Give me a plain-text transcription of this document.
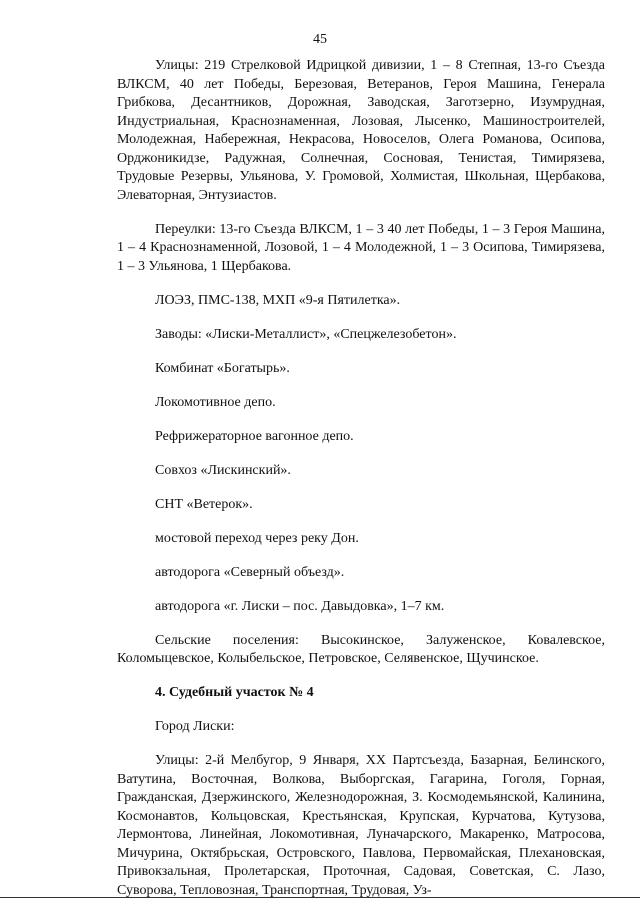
45

Улицы: 219 Стрелковой Идрицкой дивизии, 1 – 8 Степная, 13-го Съезда ВЛКСМ, 40 лет Победы, Березовая, Ветеранов, Героя Машина, Генерала Грибкова, Десантников, Дорожная, Заводская, Заготзерно, Изумрудная, Индустриальная, Краснознаменная, Лозовая, Лысенко, Машиностроителей, Молодежная, Набережная, Некрасова, Новоселов, Олега Романова, Осипова, Орджоникидзе, Радужная, Солнечная, Сосновая, Тенистая, Тимирязева, Трудовые Резервы, Ульянова, У. Громовой, Холмистая, Школьная, Щербакова, Элеваторная, Энтузиастов.

Переулки: 13-го Съезда ВЛКСМ, 1 – 3 40 лет Победы, 1 – 3 Героя Машина, 1 – 4 Краснознаменной, Лозовой, 1 – 4 Молодежной, 1 – 3 Осипова, Тимирязева, 1 – 3 Ульянова, 1 Щербакова.

ЛОЭЗ, ПМС-138, МХП «9-я Пятилетка».

Заводы: «Лиски-Металлист», «Спецжелезобетон».

Комбинат «Богатырь».

Локомотивное депо.

Рефрижераторное вагонное депо.

Совхоз «Лискинский».

СНТ «Ветерок».

мостовой переход через реку Дон.

автодорога «Северный объезд».

автодорога «г. Лиски – пос. Давыдовка», 1–7 км.

Сельские поселения: Высокинское, Залуженское, Ковалевское, Коломыцевское, Колыбельское, Петровское, Селявенское, Щучинское.

4. Судебный участок № 4

Город Лиски:

Улицы: 2-й Мелбугор, 9 Января, XX Партсъезда, Базарная, Белинского, Ватутина, Восточная, Волкова, Выборгская, Гагарина, Гоголя, Горная, Гражданская, Дзержинского, Железнодорожная, З. Космодемьянской, Калинина, Космонавтов, Кольцовская, Крестьянская, Крупская, Курчатова, Кутузова, Лермонтова, Линейная, Локомотивная, Луначарского, Макаренко, Матросова, Мичурина, Октябрьская, Островского, Павлова, Первомайская, Плехановская, Привокзальная, Пролетарская, Проточная, Садовая, Советская, С. Лазо, Суворова, Тепловозная, Транспортная, Трудовая, Уз-
